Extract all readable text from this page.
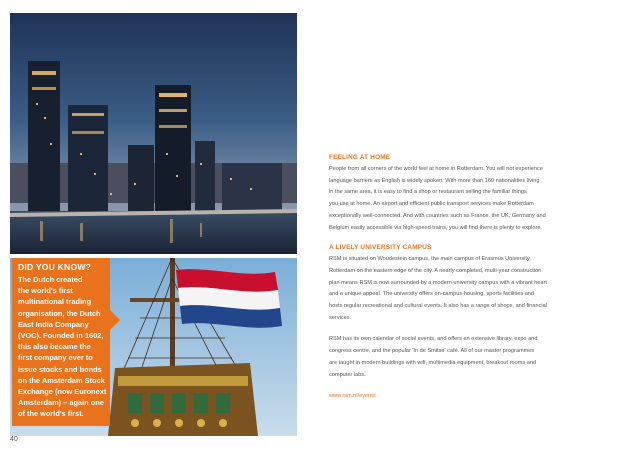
DID YOU KNOW?
The Dutch created
the world's first
multinational trading
organisation, the Dutch
East India Company
(VOC). Founded in 1602,
this also became the
first company ever to
issue stocks and bonds
on the Amsterdam Stock
Exchange (now Euronext
Amsterdam) – again one
of the world's first.
40
FEELING AT HOME
People from all corners of the world feel at home in Rotterdam. You will not experience
language barriers as English is widely spoken. With more than 160 nationalities living
in the same area, it is easy to find a shop or restaurant selling the familiar things
you use at home. An airport and efficient public transport services make Rotterdam
exceptionally well-connected. And with countries such as France, the UK, Germany and
Belgium easily accessible via high-speed trains, you will find there is plenty to explore.
A LIVELY UNIVERSITY CAMPUS
RSM is situated on Woudestein campus, the main campus of Erasmus University
Rotterdam on the eastern edge of the city. A nearly completed, multi-year construction
plan means RSM is now surrounded by a modern university campus with a vibrant heart
and a unique appeal. The university offers on-campus housing, sports facilities and
hosts regular recreational and cultural events. It also has a range of shops, and financial
services.
RSM has its own calendar of social events, and offers an extensive library, expo and
congress centre, and the popular 'In de Smitse' café. All of our master programmes
are taught in modern buildings with wifi, multimedia equipment, breakout rooms and
computer labs.
www.rsm.nl/events
